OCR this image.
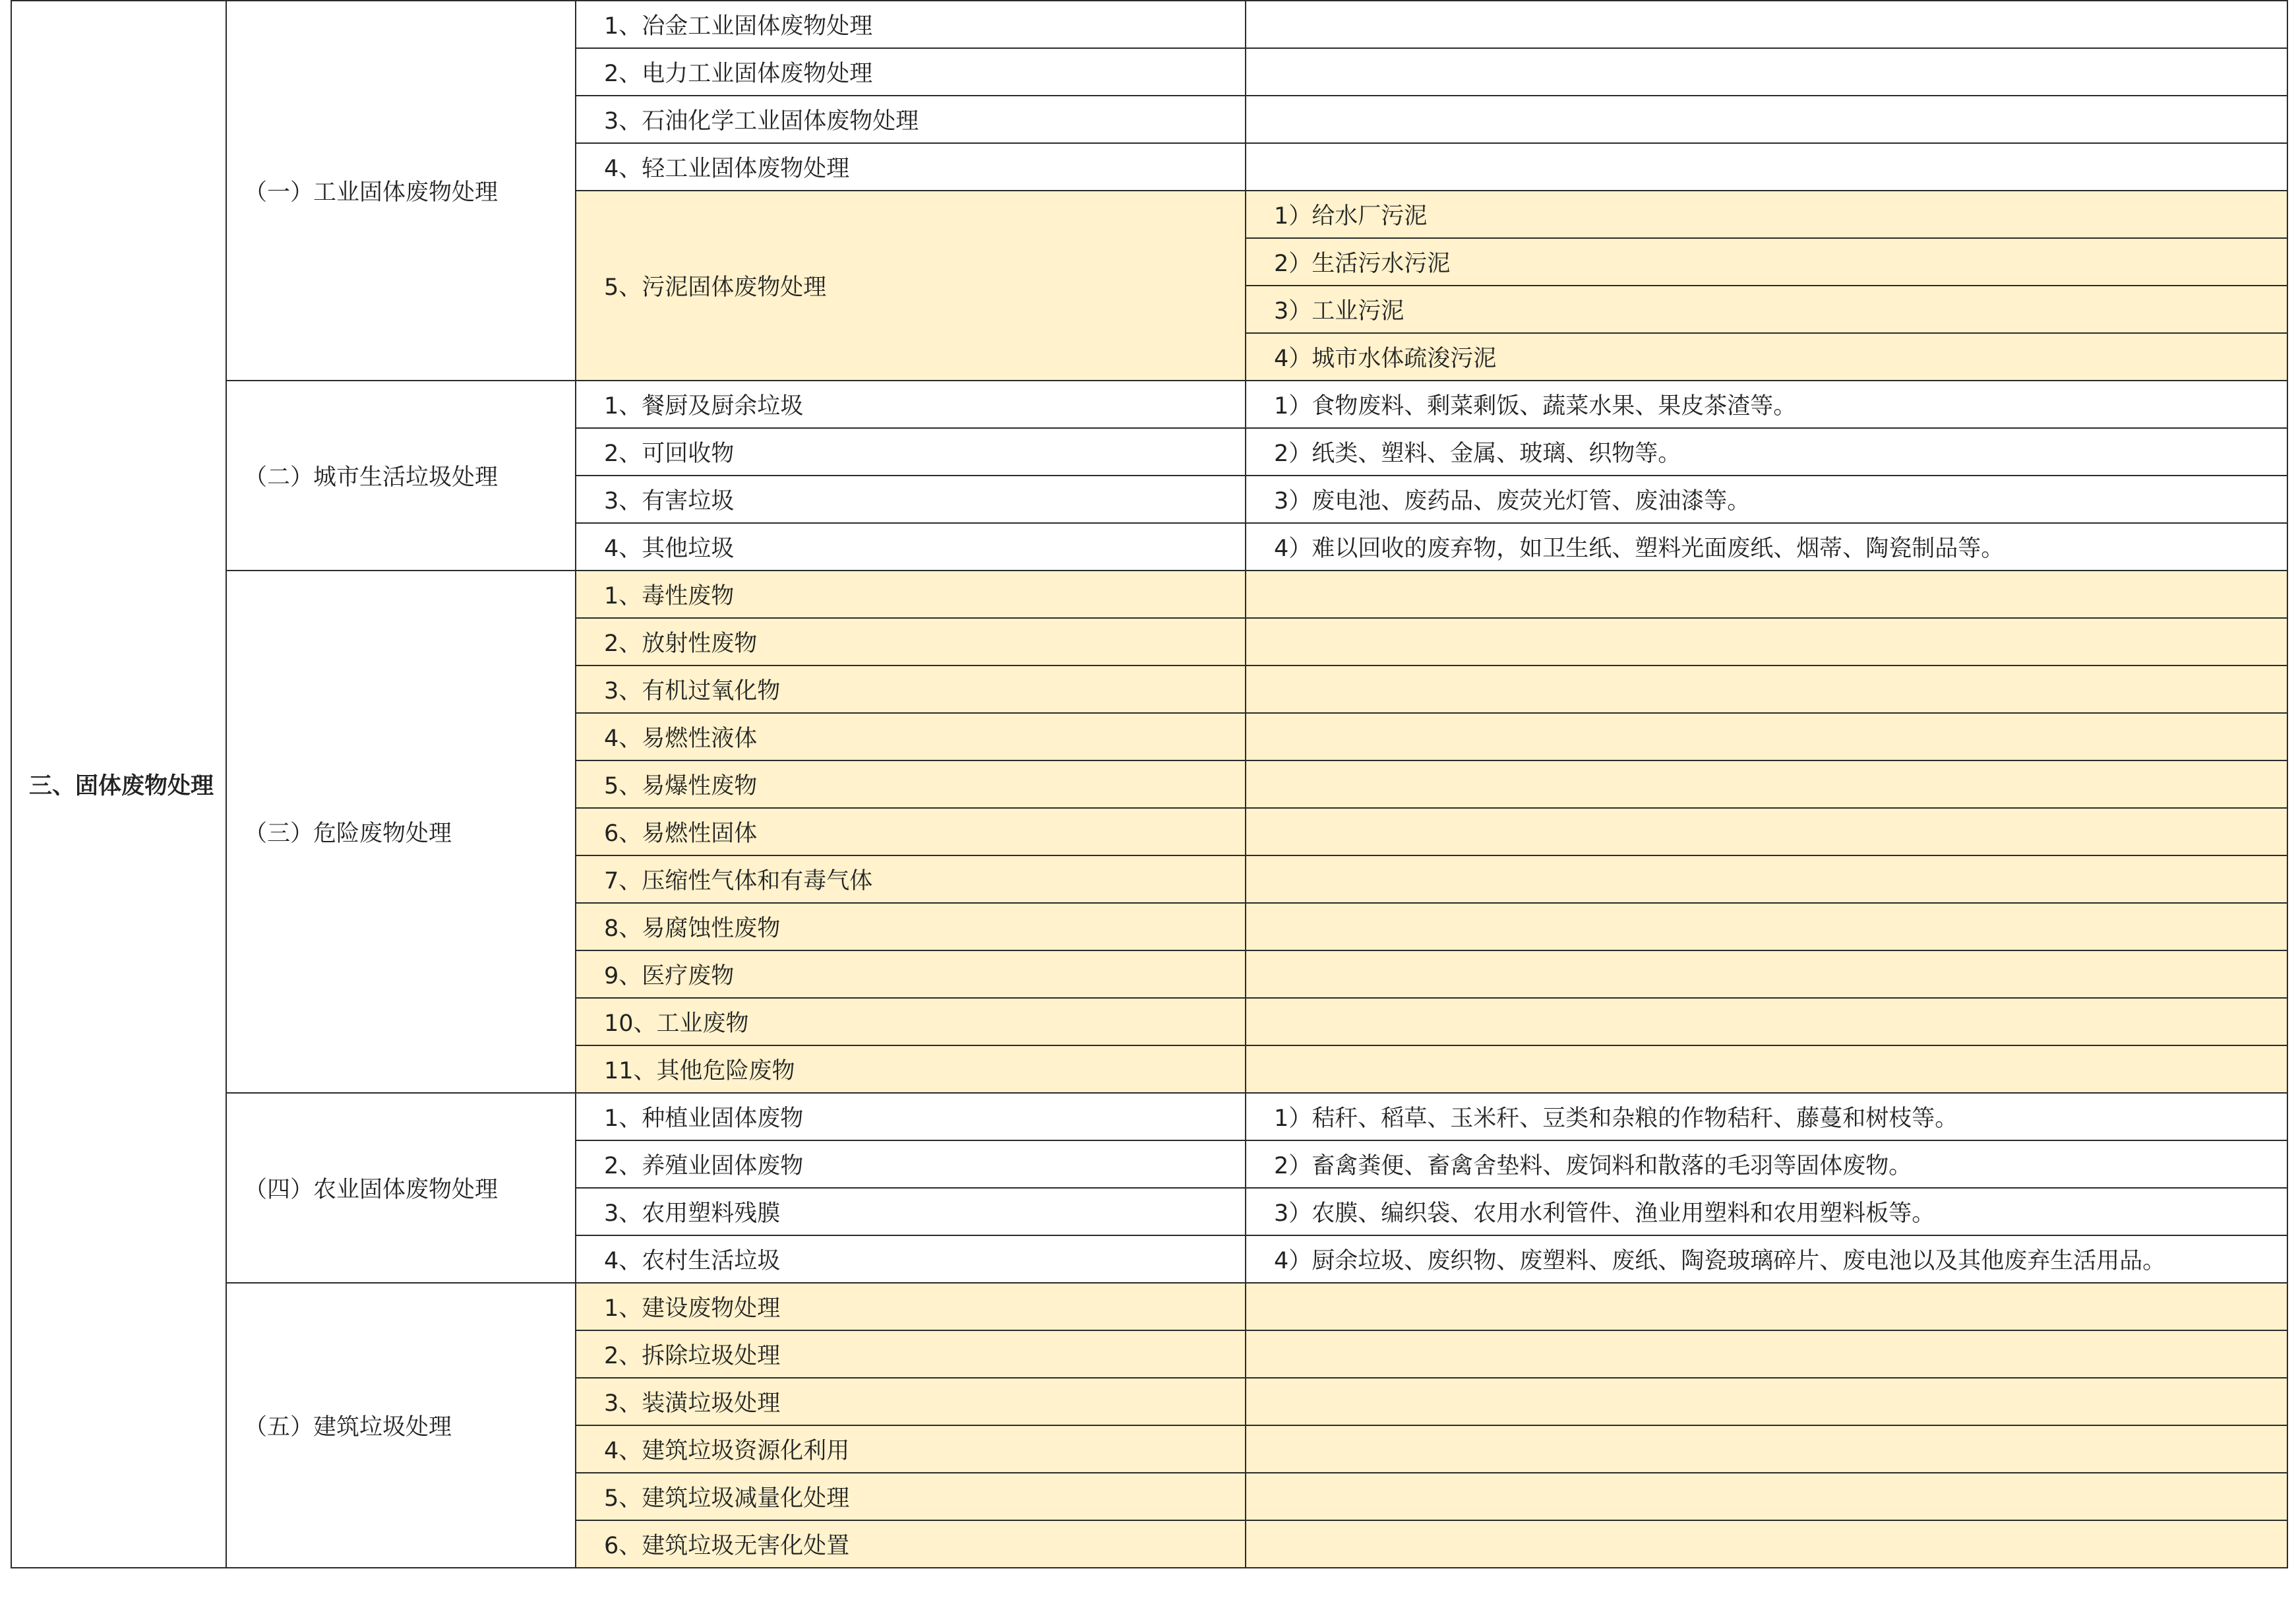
三、固体废物处理	（一）工业固体废物处理	1、冶金工业固体废物处理	
		2、电力工业固体废物处理	
		3、石油化学工业固体废物处理	
		4、轻工业固体废物处理	
		5、污泥固体废物处理	1）给水厂污泥
			2）生活污水污泥
			3）工业污泥
			4）城市水体疏浚污泥
	（二）城市生活垃圾处理	1、餐厨及厨余垃圾	1）食物废料、剩菜剩饭、蔬菜水果、果皮茶渣等。
		2、可回收物	2）纸类、塑料、金属、玻璃、织物等。
		3、有害垃圾	3）废电池、废药品、废荧光灯管、废油漆等。
		4、其他垃圾	4）难以回收的废弃物，如卫生纸、塑料光面废纸、烟蒂、陶瓷制品等。
	（三）危险废物处理	1、毒性废物	
		2、放射性废物	
		3、有机过氧化物	
		4、易燃性液体	
		5、易爆性废物	
		6、易燃性固体	
		7、压缩性气体和有毒气体	
		8、易腐蚀性废物	
		9、医疗废物	
		10、工业废物	
		11、其他危险废物	
	（四）农业固体废物处理	1、种植业固体废物	1）秸秆、稻草、玉米秆、豆类和杂粮的作物秸秆、藤蔓和树枝等。
		2、养殖业固体废物	2）畜禽粪便、畜禽舍垫料、废饲料和散落的毛羽等固体废物。
		3、农用塑料残膜	3）农膜、编织袋、农用水利管件、渔业用塑料和农用塑料板等。
		4、农村生活垃圾	4）厨余垃圾、废织物、废塑料、废纸、陶瓷玻璃碎片、废电池以及其他废弃生活用品。
	（五）建筑垃圾处理	1、建设废物处理	
		2、拆除垃圾处理	
		3、装潢垃圾处理	
		4、建筑垃圾资源化利用	
		5、建筑垃圾减量化处理	
		6、建筑垃圾无害化处置	
